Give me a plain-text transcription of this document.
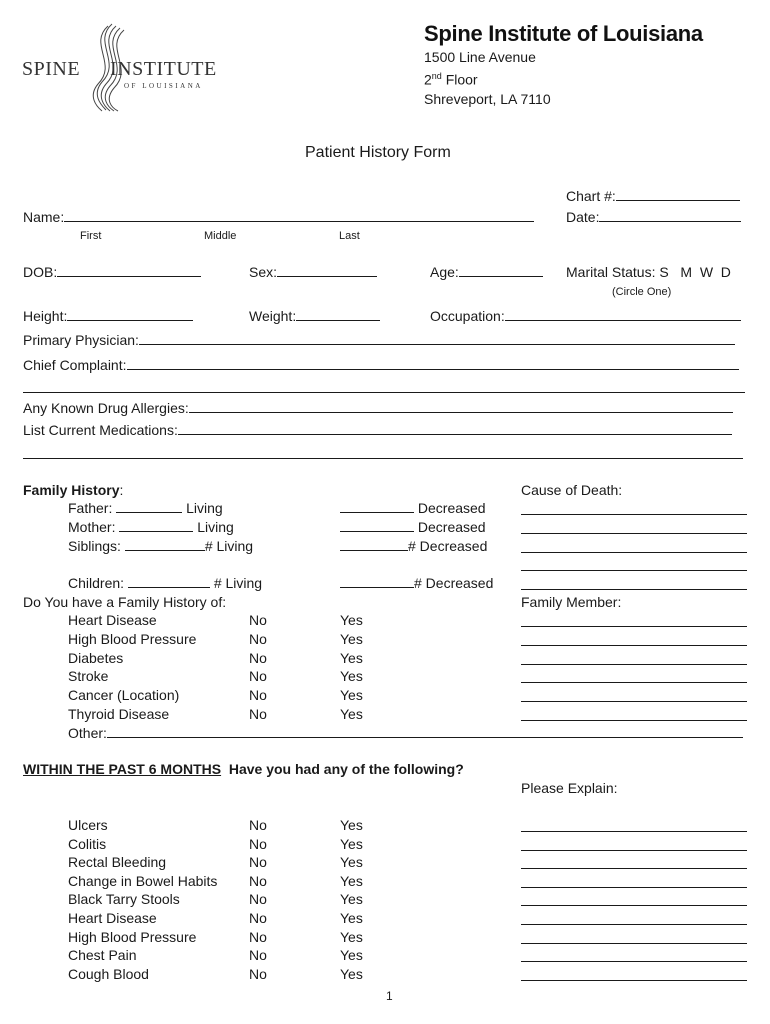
SPINE INSTITUTE
OF LOUISIANA
Spine Institute of Louisiana
1500 Line Avenue
2nd Floor
Shreveport, LA 7110
Patient History Form
Chart #:
Name:	Date:
First	Middle	Last
DOB:	Sex:	Age:	Marital Status: S   M  W  D
(Circle One)
Height:	Weight:	Occupation:
Primary Physician:
Chief Complaint:
Any Known Drug Allergies:
List Current Medications:
Family History:	Cause of Death:
Father:	Living	Decreased
Mother:	Living	Decreased
Siblings:	# Living	# Decreased
Children:	# Living	# Decreased
Do You have a Family History of:	Family Member:
Heart Disease	No	Yes
High Blood Pressure	No	Yes
Diabetes	No	Yes
Stroke	No	Yes
Cancer (Location)	No	Yes
Thyroid Disease	No	Yes
Other:
WITHIN THE PAST 6 MONTHS Have you had any of the following?
Please Explain:
Ulcers	No	Yes
Colitis	No	Yes
Rectal Bleeding	No	Yes
Change in Bowel Habits No	Yes
Black Tarry Stools	No	Yes
Heart Disease	No	Yes
High Blood Pressure	No	Yes
Chest Pain	No	Yes
Cough Blood	No	Yes
1
